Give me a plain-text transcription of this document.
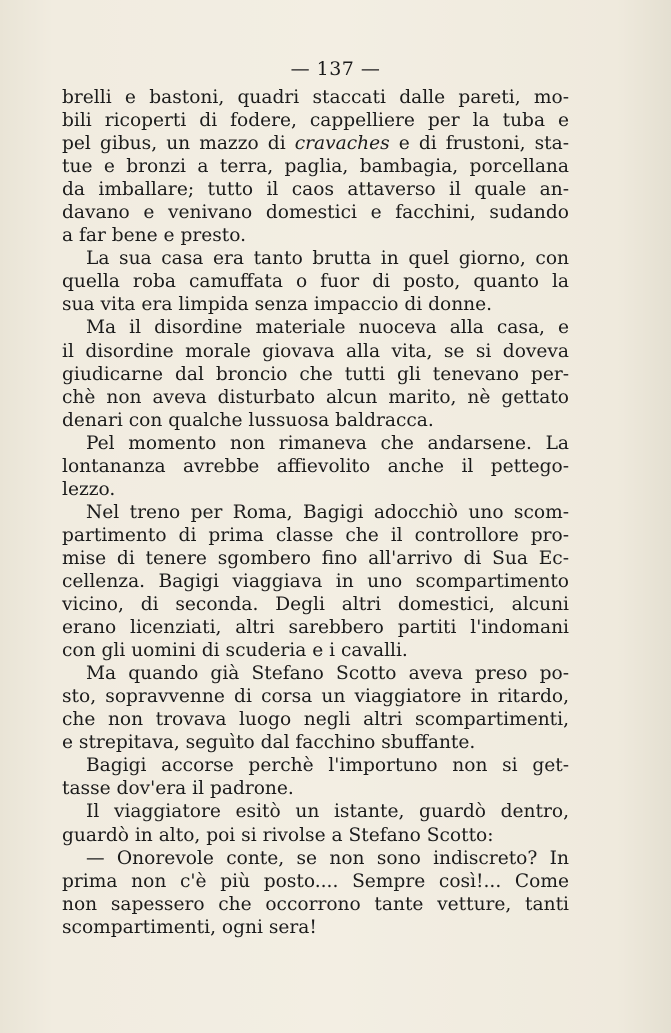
— 137 —
brelli e bastoni, quadri staccati dalle pareti, mo-
bili ricoperti di fodere, cappelliere per la tuba e
pel gibus, un mazzo di cravaches e di frustoni, sta-
tue e bronzi a terra, paglia, bambagia, porcellana
da imballare; tutto il caos attaverso il quale an-
davano e venivano domestici e facchini, sudando
a far bene e presto.
La sua casa era tanto brutta in quel giorno, con
quella roba camuffata o fuor di posto, quanto la
sua vita era limpida senza impaccio di donne.
Ma il disordine materiale nuoceva alla casa, e
il disordine morale giovava alla vita, se si doveva
giudicarne dal broncio che tutti gli tenevano per-
chè non aveva disturbato alcun marito, nè gettato
denari con qualche lussuosa baldracca.
Pel momento non rimaneva che andarsene. La
lontananza avrebbe affievolito anche il pettego-
lezzo.
Nel treno per Roma, Bagigi adocchiò uno scom-
partimento di prima classe che il controllore pro-
mise di tenere sgombero fino all'arrivo di Sua Ec-
cellenza. Bagigi viaggiava in uno scompartimento
vicino, di seconda. Degli altri domestici, alcuni
erano licenziati, altri sarebbero partiti l'indomani
con gli uomini di scuderia e i cavalli.
Ma quando già Stefano Scotto aveva preso po-
sto, sopravvenne di corsa un viaggiatore in ritardo,
che non trovava luogo negli altri scompartimenti,
e strepitava, seguìto dal facchino sbuffante.
Bagigi accorse perchè l'importuno non si get-
tasse dov'era il padrone.
Il viaggiatore esitò un istante, guardò dentro,
guardò in alto, poi si rivolse a Stefano Scotto:
— Onorevole conte, se non sono indiscreto? In
prima non c'è più posto.... Sempre così!... Come
non sapessero che occorrono tante vetture, tanti
scompartimenti, ogni sera!
